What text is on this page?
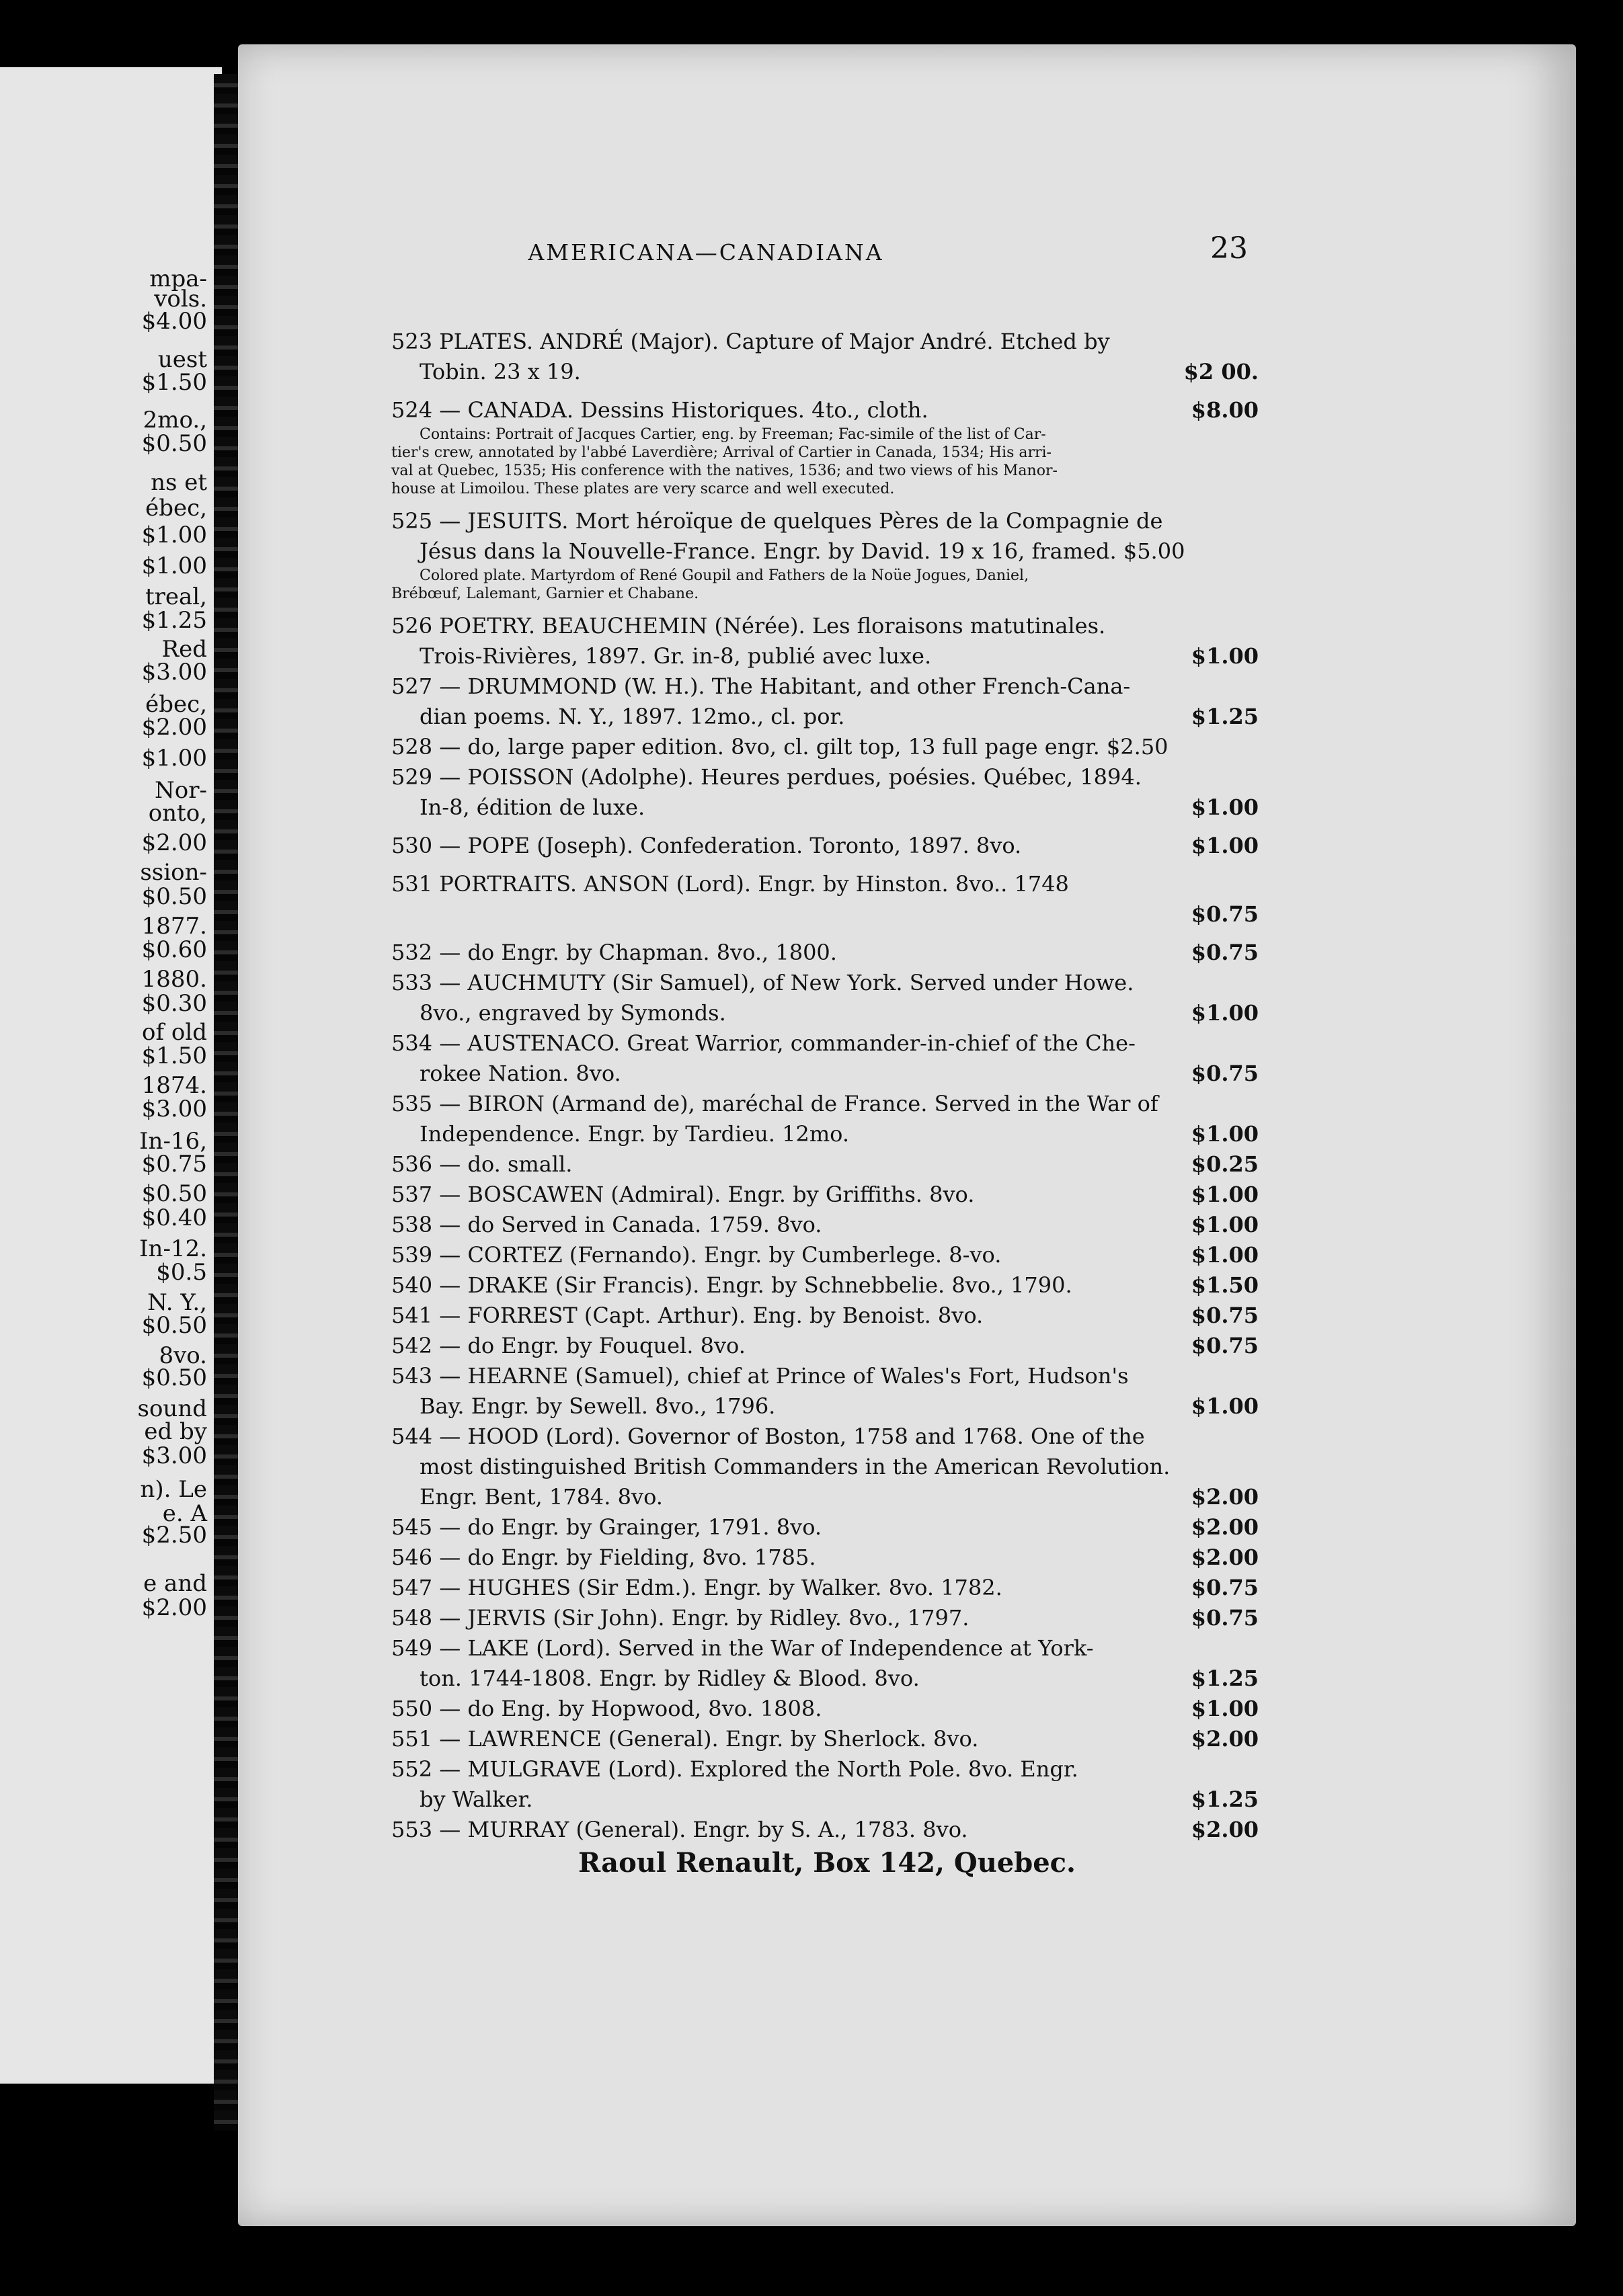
mpa-
vols.
$4.00
uest
$1.50
2mo.,
$0.50
ns et
ébec,
$1.00
$1.00
treal,
$1.25
Red
$3.00
ébec,
$2.00
$1.00
Nor-
onto,
$2.00
ssion-
$0.50
1877.
$0.60
1880.
$0.30
of old
$1.50
1874.
$3.00
In-16,
$0.75
$0.50
$0.40
In-12.
$0.5
N. Y.,
$0.50
8vo.
$0.50
sound
ed by
$3.00
n). Le
e. A
$2.50
e and
$2.00
AMERICANA—CANADIANA	23
523 PLATES. ANDRÉ (Major). Capture of Major André. Etched by
Tobin. 23 x 19.	$2 00.
524 — CANADA. Dessins Historiques. 4to., cloth.	$8.00
Contains: Portrait of Jacques Cartier, eng. by Freeman; Fac-simile of the list of Car-
tier's crew, annotated by l'abbé Laverdière; Arrival of Cartier in Canada, 1534; His arri-
val at Quebec, 1535; His conference with the natives, 1536; and two views of his Manor-
house at Limoilou. These plates are very scarce and well executed.
525 — JESUITS. Mort héroïque de quelques Pères de la Compagnie de
Jésus dans la Nouvelle-France. Engr. by David. 19 x 16, framed. $5.00
Colored plate. Martyrdom of René Goupil and Fathers de la Noüe Jogues, Daniel,
Brébœuf, Lalemant, Garnier et Chabane.
526 POETRY. BEAUCHEMIN (Nérée). Les floraisons matutinales.
Trois-Rivières, 1897. Gr. in-8, publié avec luxe.	$1.00
527 — DRUMMOND (W. H.). The Habitant, and other French-Cana-
dian poems. N. Y., 1897. 12mo., cl. por.	$1.25
528 — do, large paper edition. 8vo, cl. gilt top, 13 full page engr. $2.50
529 — POISSON (Adolphe). Heures perdues, poésies. Québec, 1894.
In-8, édition de luxe.	$1.00
530 — POPE (Joseph). Confederation. Toronto, 1897. 8vo.	$1.00
531 PORTRAITS. ANSON (Lord). Engr. by Hinston. 8vo.. 1748
$0.75
532 — do Engr. by Chapman. 8vo., 1800.	$0.75
533 — AUCHMUTY (Sir Samuel), of New York. Served under Howe.
8vo., engraved by Symonds.	$1.00
534 — AUSTENACO. Great Warrior, commander-in-chief of the Che-
rokee Nation. 8vo.	$0.75
535 — BIRON (Armand de), maréchal de France. Served in the War of
Independence. Engr. by Tardieu. 12mo.	$1.00
536 — do. small.	$0.25
537 — BOSCAWEN (Admiral). Engr. by Griffiths. 8vo.	$1.00
538 — do Served in Canada. 1759. 8vo.	$1.00
539 — CORTEZ (Fernando). Engr. by Cumberlege. 8-vo.	$1.00
540 — DRAKE (Sir Francis). Engr. by Schnebbelie. 8vo., 1790.	$1.50
541 — FORREST (Capt. Arthur). Eng. by Benoist. 8vo.	$0.75
542 — do Engr. by Fouquel. 8vo.	$0.75
543 — HEARNE (Samuel), chief at Prince of Wales's Fort, Hudson's
Bay. Engr. by Sewell. 8vo., 1796.	$1.00
544 — HOOD (Lord). Governor of Boston, 1758 and 1768. One of the
most distinguished British Commanders in the American Revolution.
Engr. Bent, 1784. 8vo.	$2.00
545 — do Engr. by Grainger, 1791. 8vo.	$2.00
546 — do Engr. by Fielding, 8vo. 1785.	$2.00
547 — HUGHES (Sir Edm.). Engr. by Walker. 8vo. 1782.	$0.75
548 — JERVIS (Sir John). Engr. by Ridley. 8vo., 1797.	$0.75
549 — LAKE (Lord). Served in the War of Independence at York-
ton. 1744-1808. Engr. by Ridley & Blood. 8vo.	$1.25
550 — do Eng. by Hopwood, 8vo. 1808.	$1.00
551 — LAWRENCE (General). Engr. by Sherlock. 8vo.	$2.00
552 — MULGRAVE (Lord). Explored the North Pole. 8vo. Engr.
by Walker.	$1.25
553 — MURRAY (General). Engr. by S. A., 1783. 8vo.	$2.00
Raoul Renault, Box 142, Quebec.
